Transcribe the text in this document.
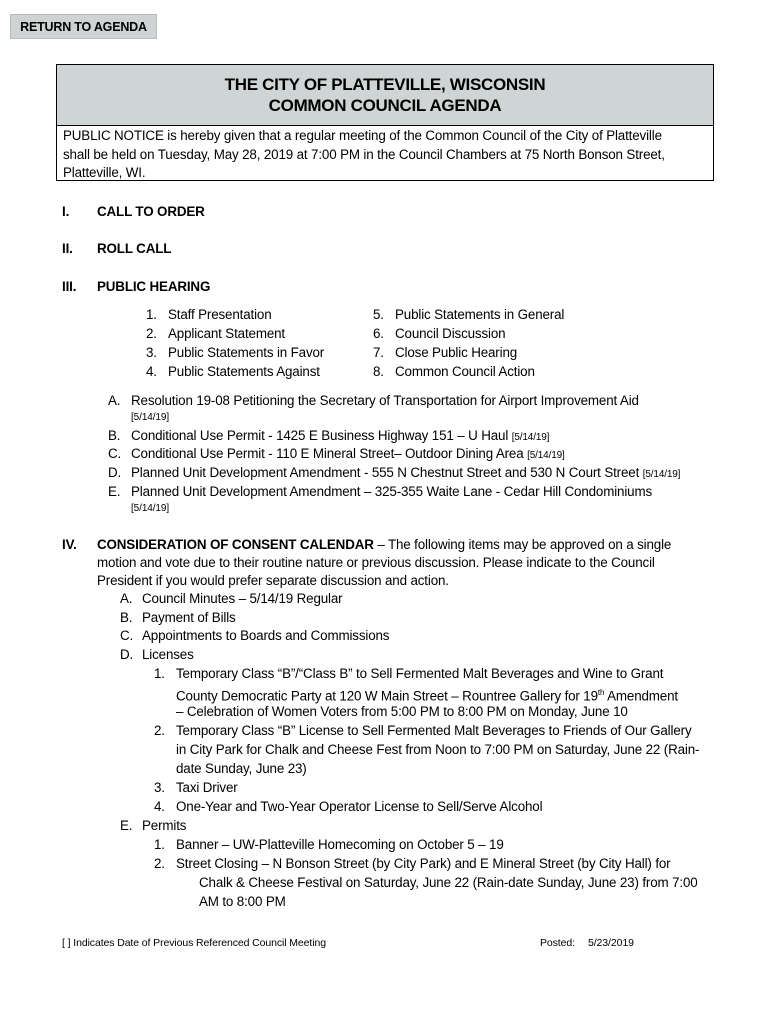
RETURN TO AGENDA
THE CITY OF PLATTEVILLE, WISCONSIN
COMMON COUNCIL AGENDA
PUBLIC NOTICE is hereby given that a regular meeting of the Common Council of the City of Platteville
shall be held on Tuesday, May 28, 2019 at 7:00 PM in the Council Chambers at 75 North Bonson Street,
Platteville, WI.
I. CALL TO ORDER
II. ROLL CALL
III. PUBLIC HEARING
1. Staff Presentation
2. Applicant Statement
3. Public Statements in Favor
4. Public Statements Against
5. Public Statements in General
6. Council Discussion
7. Close Public Hearing
8. Common Council Action
A. Resolution 19-08 Petitioning the Secretary of Transportation for Airport Improvement Aid
[5/14/19]
B. Conditional Use Permit - 1425 E Business Highway 151 – U Haul [5/14/19]
C. Conditional Use Permit - 110 E Mineral Street– Outdoor Dining Area [5/14/19]
D. Planned Unit Development Amendment - 555 N Chestnut Street and 530 N Court Street [5/14/19]
E. Planned Unit Development Amendment – 325-355 Waite Lane - Cedar Hill Condominiums
[5/14/19]
IV. CONSIDERATION OF CONSENT CALENDAR – The following items may be approved on a single
motion and vote due to their routine nature or previous discussion. Please indicate to the Council
President if you would prefer separate discussion and action.
A. Council Minutes – 5/14/19 Regular
B. Payment of Bills
C. Appointments to Boards and Commissions
D. Licenses
1. Temporary Class “B”/“Class B” to Sell Fermented Malt Beverages and Wine to Grant
County Democratic Party at 120 W Main Street – Rountree Gallery for 19th Amendment
– Celebration of Women Voters from 5:00 PM to 8:00 PM on Monday, June 10
2. Temporary Class “B” License to Sell Fermented Malt Beverages to Friends of Our Gallery
in City Park for Chalk and Cheese Fest from Noon to 7:00 PM on Saturday, June 22 (Rain-
date Sunday, June 23)
3. Taxi Driver
4. One-Year and Two-Year Operator License to Sell/Serve Alcohol
E. Permits
1. Banner – UW-Platteville Homecoming on October 5 – 19
2. Street Closing – N Bonson Street (by City Park) and E Mineral Street (by City Hall) for
Chalk & Cheese Festival on Saturday, June 22 (Rain-date Sunday, June 23) from 7:00
AM to 8:00 PM
[ ] Indicates Date of Previous Referenced Council Meeting	Posted: 5/23/2019
